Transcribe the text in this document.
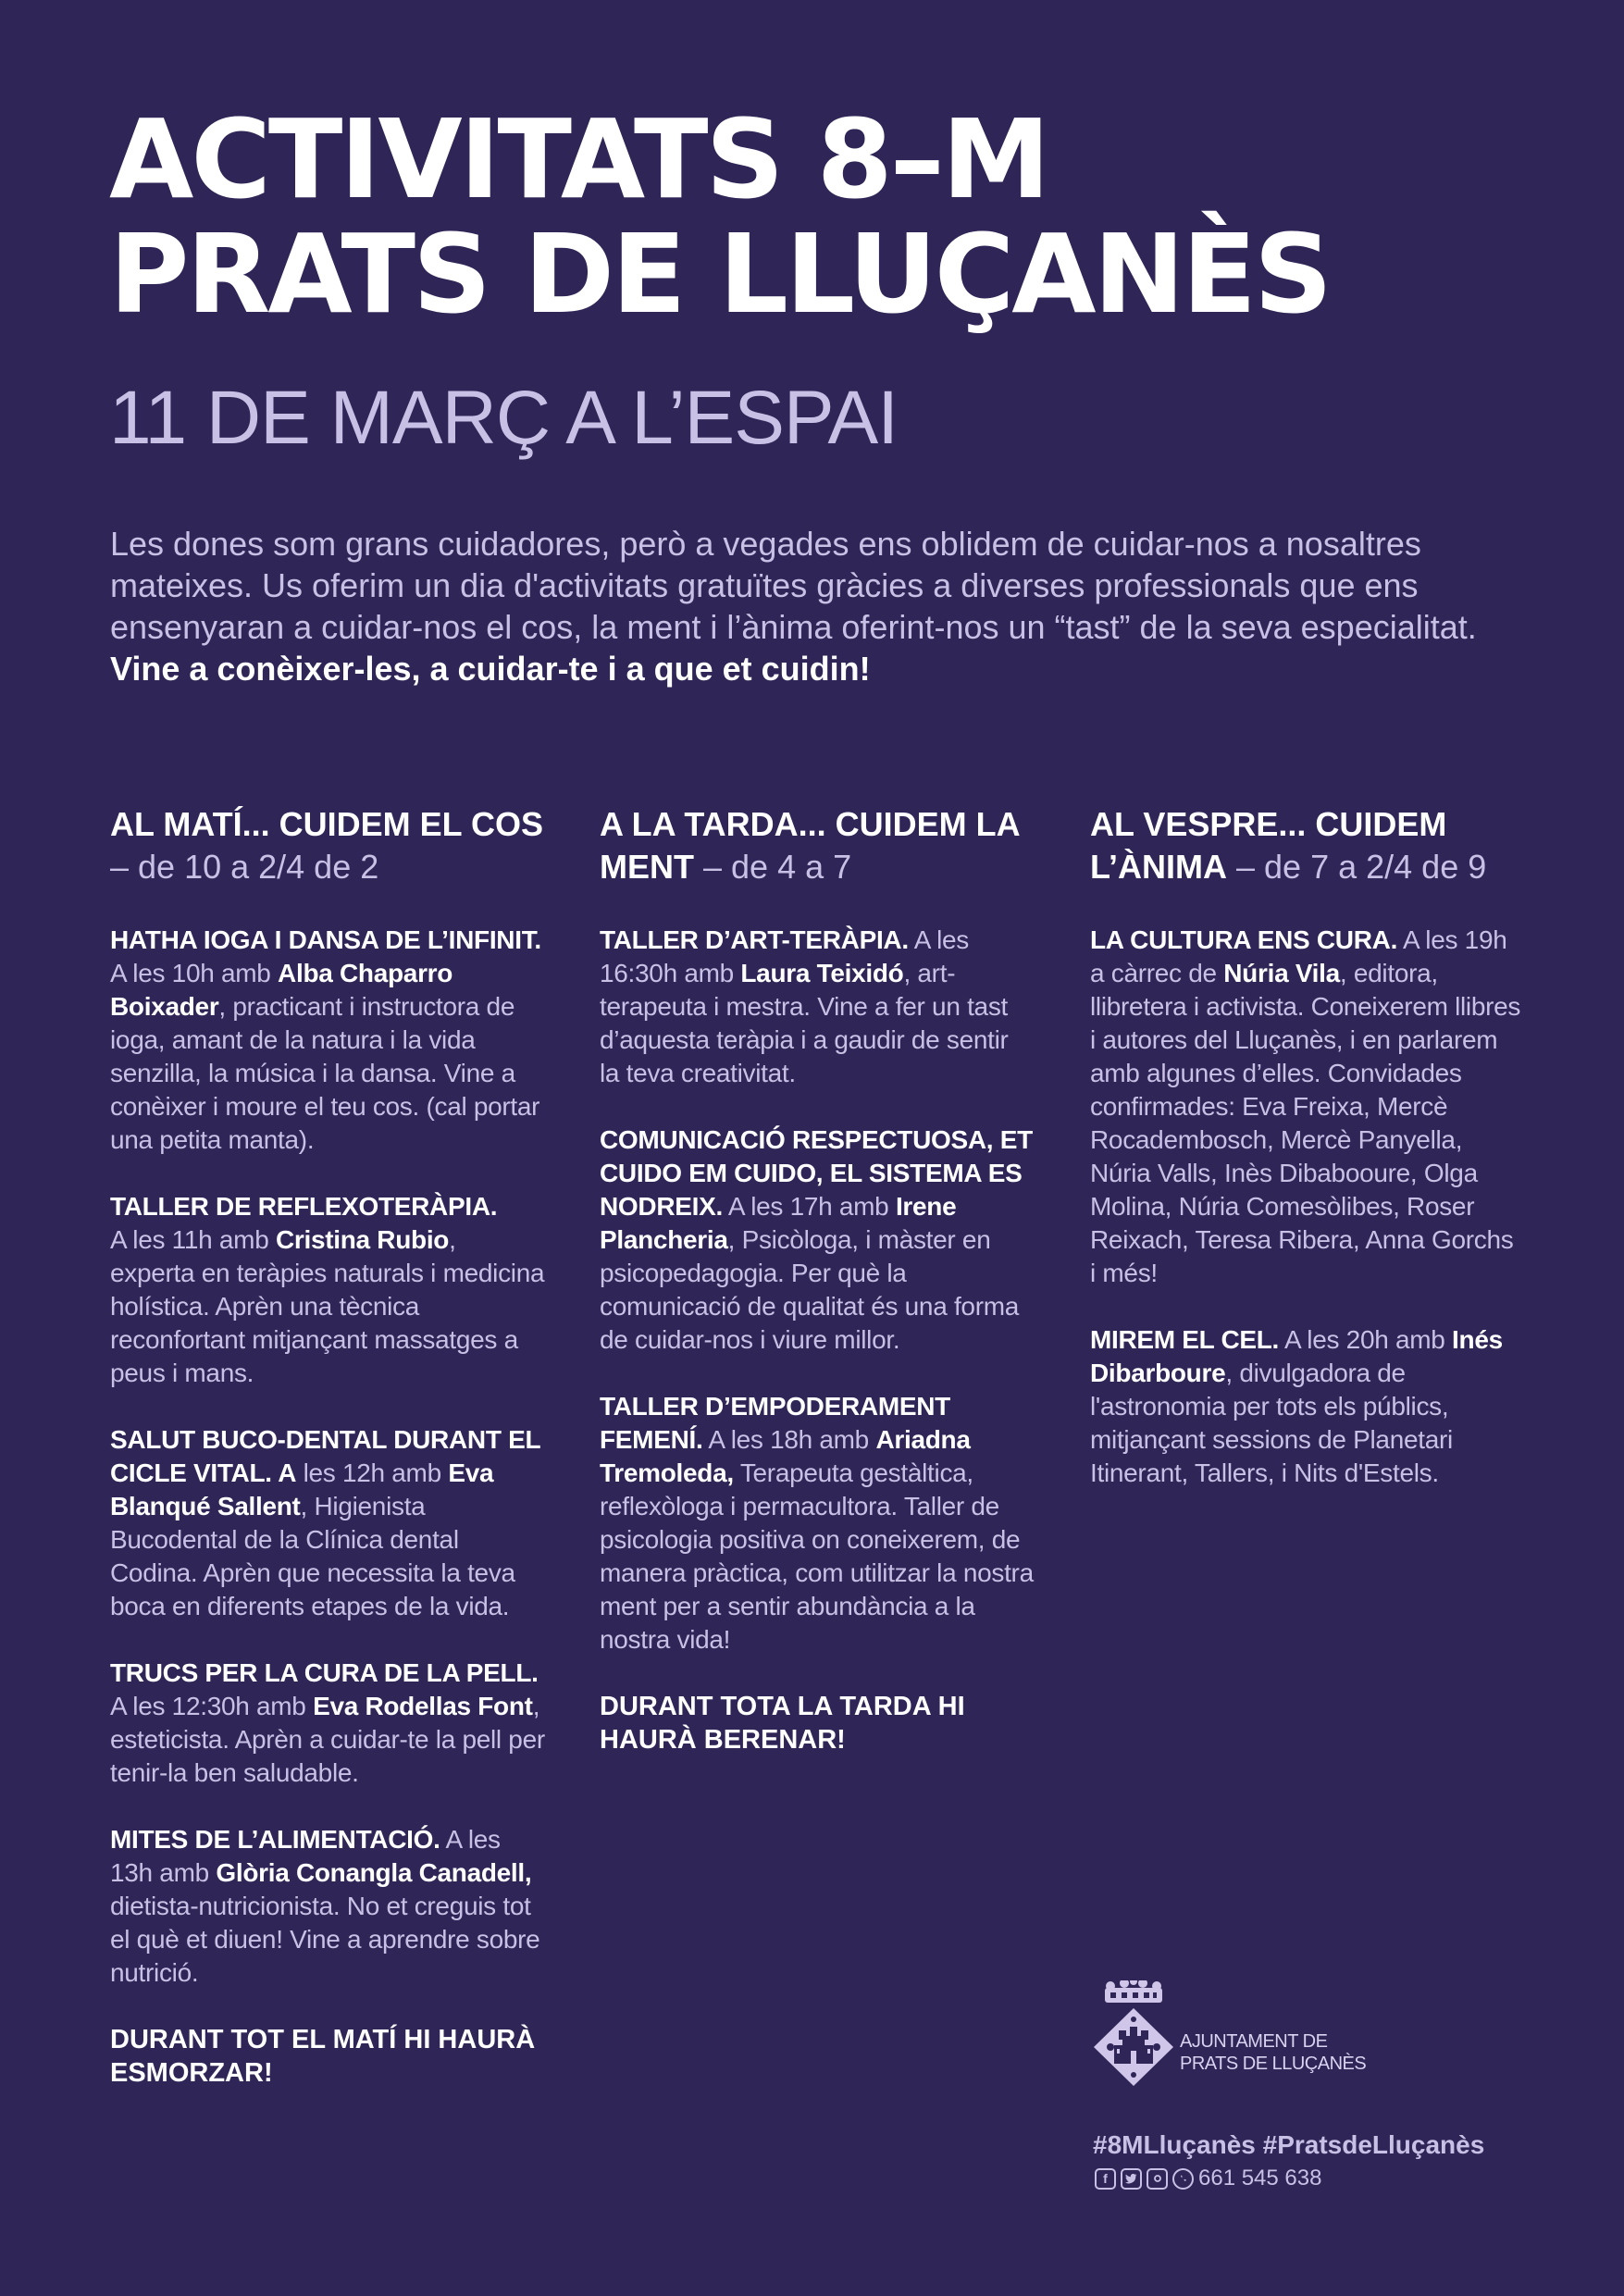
ACTIVITATS 8–M
PRATS DE LLUÇANÈS
11 DE MARÇ A L’ESPAI

Les dones som grans cuidadores, però a vegades ens oblidem de cuidar-nos a nosaltres mateixes. Us oferim un dia d'activitats gratuïtes gràcies a diverses professionals que ens ensenyaran a cuidar-nos el cos, la ment i l’ànima oferint-nos un “tast” de la seva especialitat.
Vine a conèixer-les, a cuidar-te i a que et cuidin!

AL MATÍ... CUIDEM EL COS – de 10 a 2/4 de 2

HATHA IOGA I DANSA DE L’INFINIT. A les 10h amb Alba Chaparro Boixader, practicant i instructora de ioga, amant de la natura i la vida senzilla, la música i la dansa. Vine a conèixer i moure el teu cos. (cal portar una petita manta).

TALLER DE REFLEXOTERÀPIA.
A les 11h amb Cristina Rubio, experta en teràpies naturals i medicina holística. Aprèn una tècnica reconfortant mitjançant massatges a peus i mans.

SALUT BUCO-DENTAL DURANT EL CICLE VITAL. A les 12h amb Eva Blanqué Sallent, Higienista Bucodental de la Clínica dental Codina. Aprèn que necessita la teva boca en diferents etapes de la vida.

TRUCS PER LA CURA DE LA PELL.
A les 12:30h amb Eva Rodellas Font, esteticista. Aprèn a cuidar-te la pell per tenir-la ben saludable.

MITES DE L’ALIMENTACIÓ. A les 13h amb Glòria Conangla Canadell, dietista-nutricionista. No et creguis tot el què et diuen! Vine a aprendre sobre nutrició.

DURANT TOT EL MATÍ HI HAURÀ ESMORZAR!

A LA TARDA... CUIDEM LA MENT – de 4 a 7

TALLER D’ART-TERÀPIA. A les 16:30h amb Laura Teixidó, art-terapeuta i mestra. Vine a fer un tast d’aquesta teràpia i a gaudir de sentir la teva creativitat.

COMUNICACIÓ RESPECTUOSA, ET CUIDO EM CUIDO, EL SISTEMA ES NODREIX. A les 17h amb Irene Plancheria, Psicòloga, i màster en psicopedagogia. Per què la comunicació de qualitat és una forma de cuidar-nos i viure millor.

TALLER D’EMPODERAMENT FEMENÍ. A les 18h amb Ariadna Tremoleda, Terapeuta gestàltica, reflexòloga i permacultora. Taller de psicologia positiva on coneixerem, de manera pràctica, com utilitzar la nostra ment per a sentir abundància a la nostra vida!

DURANT TOTA LA TARDA HI HAURÀ BERENAR!

AL VESPRE... CUIDEM L’ÀNIMA – de 7 a 2/4 de 9

LA CULTURA ENS CURA. A les 19h a càrrec de Núria Vila, editora, llibretera i activista. Coneixerem llibres i autores del Lluçanès, i en parlarem amb algunes d’elles. Convidades confirmades: Eva Freixa, Mercè Rocadembosch, Mercè Panyella, Núria Valls, Inès Dibabooure, Olga Molina, Núria Comesòlibes, Roser Reixach, Teresa Ribera, Anna Gorchs i més!

MIREM EL CEL. A les 20h amb Inés Dibarboure, divulgadora de l'astronomia per tots els públics, mitjançant sessions de Planetari Itinerant, Tallers, i Nits d'Estels.

AJUNTAMENT DE
PRATS DE LLUÇANÈS
#8MLluçanès #PratsdeLluçanès
f	661 545 638
